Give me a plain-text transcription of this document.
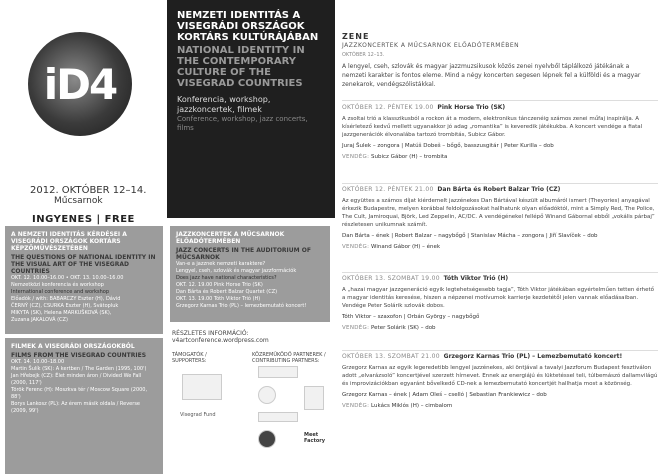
iD4
2012. OKTÓBER 12–14.
Műcsarnok
INGYENES | FREE
NEMZETI IDENTITÁS A VISEGRÁDI ORSZÁGOK KORTÁRS KULTÚRÁJÁBAN
NATIONAL IDENTITY IN THE CONTEMPORARY CULTURE OF THE VISEGRAD COUNTRIES
Konferencia, workshop, jazzkoncertek, filmek
Conference, workshop, jazz concerts, films
A NEMZETI IDENTITÁS KÉRDÉSEI A VISEGRÁDI ORSZÁGOK KORTÁRS KÉPZŐMŰVÉSZETÉBEN
THE QUESTIONS OF NATIONAL IDENTITY IN THE VISUAL ART OF THE VISEGRAD COUNTRIES
OKT. 12. 10.00–16.00 • OKT. 13. 10.00–16.00
Nemzetközi konferencia és workshop
International conference and workshop
Előadók / with: BABARCZY Eszter (H), Dávid
ČERNÝ (CZ), CSURKA Eszter (H), Svätopluk
MIKYTA (SK), Helena MARKUŠKOVÁ (SK),
Zuzana JAKALOVÁ (CZ)
JAZZKONCERTEK A MŰCSARNOK ELŐADÓTERMÉBEN
JAZZ CONCERTS IN THE AUDITORIUM OF MŰCSARNOK
Van-e a jazznek nemzeti karaktere?
Lengyel, cseh, szlovák és magyar jazzformációk
Does jazz have national characteristics?
OKT. 12. 19.00 Pink Horse Trio (SK)
Dan Bárta és Robert Balzar Quartet (CZ)
OKT. 13. 19.00 Tóth Viktor Trió (H)
Grzegorz Karnas Trio (PL) – lemezbemutató koncert!
FILMEK A VISEGRÁDI ORSZÁGOKBÓL
FILMS FROM THE VISEGRAD COUNTRIES
OKT. 14. 10.00–18.00
Martin Šulík (SK): A kertben / The Garden (1995, 100')
Jan Hřebejk (CZ): Élet minden áron / Divided We Fall (2000, 117')
Török Ferenc (H): Moszkva tér / Moscow Square (2000, 88')
Borys Lankosz (PL): Az érem másik oldala / Reverse (2009, 99')
RÉSZLETES INFORMÁCIÓ:
v4artconference.wordpress.com
TÁMOGATÓK / SUPPORTERS:
KÖZREMŰKÖDŐ PARTNEREK / CONTRIBUTING PARTNERS:
Visegrad Fund
Meet Factory
ZENE
JAZZKONCERTEK A MŰCSARNOK ELŐADÓTERMÉBEN
OKTÓBER 12–13.
A lengyel, cseh, szlovák és magyar jazzmuzsikusok közös zenei nyelvből táplálkozó játékának a nemzeti karakter is fontos eleme. Mind a négy koncerten segesen lépnek fel a külföldi és a magyar zenekarok, vendégszólistákkal.
OKTÓBER 12. PÉNTEK 19.00 Pink Horse Trio (SK)
A zsoltai trió a klasszikusból a rockon át a modern, elektronikus tánczenéig számos zenei műfaj inspirálja. A kísérletező kedvű mellett ugyanakkor jó adag „romantika” is keveredik játékukba. A koncert vendége a fiatal jazzgenerációk élvonalába tartozó trombitás, Subicz Gábor.
Juraj Šulek – zongora | Matúš Dobeš – bőgő, basszusgitár | Peter Kurilla – dob
VENDÉG: Subicz Gábor (H) – trombita
OKTÓBER 12. PÉNTEK 21.00 Dan Bárta és Robert Balzar Trio (CZ)
Az együttes a számos díjat kiérdemelt jazzénekes Dan Bártával készült albumáról ismert (Theyories) anyagával érkezik Budapestre, melyen korábbal feldolgozásokat hallhatunk olyan előadóktól, mint a Simply Red, The Police, The Cult, Jamiroquai, Björk, Led Zeppelin, AC/DC. A vendégénekel fellépő Winand Gábornal ebből „vokális párbaj” részletesen unikumnak számít.
Dan Bárta – ének | Robert Balzar – nagybőgő | Stanislav Mácha – zongora | Jiří Slavíček – dob
VENDÉG: Winand Gábor (H) – ének
OKTÓBER 13. SZOMBAT 19.00 Tóth Viktor Trió (H)
A „hazai magyar jazzgeneráció egyik legtehetségesebb tagja”, Tóth Viktor játékában egyértelműen tetten érhető a magyar identitás keresése, hiszen a népzenei motívumok karrierje kezdetétől jelen vannak előadásaiban. Vendége Peter Solárik szlovák dobos.
Tóth Viktor – szaxofon | Orbán György – nagybőgő
VENDÉG: Peter Solárik (SK) – dob
OKTÓBER 13. SZOMBAT 21.00 Grzegorz Karnas Trio (PL) – Lemezbemutató koncert!
Grzegorz Karnas az egyik legeredetibb lengyel jazzénekes, aki öntjával a tavalyi Jazzforum Budapest fesztiválon adott „elvarázsoló” koncertjével szerzett hírnevet. Ennek az energiájú és lüktetéssel teli, túlbemászó dallamvilágú és improvizációkban egyaránt bővelkedő CD-nek a lemezbemutató koncertjét hallhatja most a közönség.
Grzegorz Karnas – ének | Adam Oleś – cselló | Sebastian Frankiewicz – dob
VENDÉG: Lukács Miklós (H) – cimbalom
